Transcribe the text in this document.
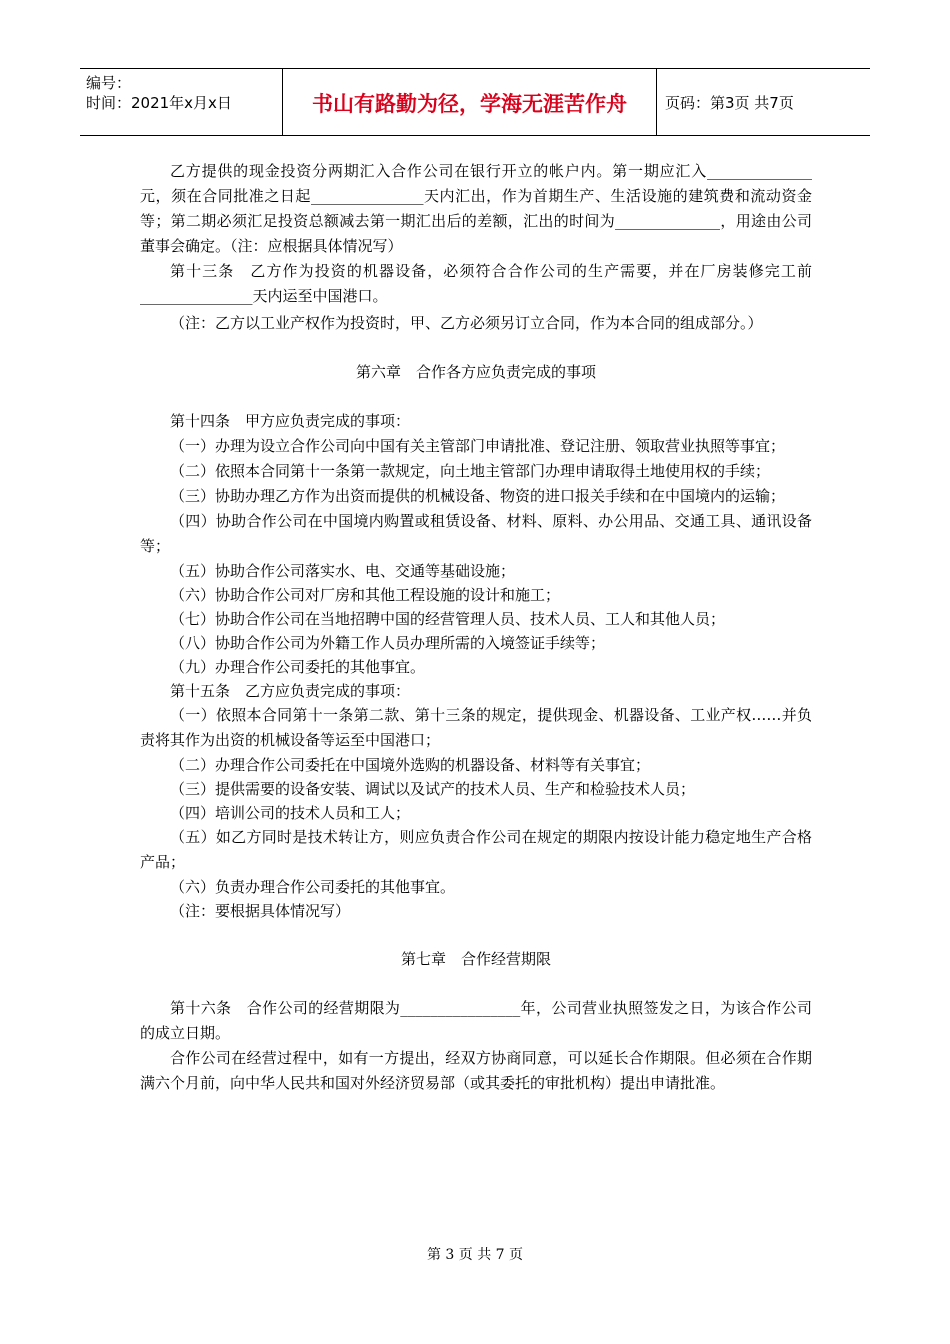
编号：
时间：2021年x月x日	书山有路勤为径，学海无涯苦作舟	页码：第3页 共7页

乙方提供的现金投资分两期汇入合作公司在银行开立的帐户内。第一期应汇入______________元，须在合同批准之日起_______________天内汇出，作为首期生产、生活设施的建筑费和流动资金等；第二期必须汇足投资总额减去第一期汇出后的差额，汇出的时间为______________，用途由公司董事会确定。（注：应根据具体情况写）

第十三条　乙方作为投资的机器设备，必须符合合作公司的生产需要，并在厂房装修完工前_______________天内运至中国港口。

（注：乙方以工业产权作为投资时，甲、乙方必须另订立合同，作为本合同的组成部分。）

第六章　合作各方应负责完成的事项

第十四条　甲方应负责完成的事项：

（一）办理为设立合作公司向中国有关主管部门申请批准、登记注册、领取营业执照等事宜；

（二）依照本合同第十一条第一款规定，向土地主管部门办理申请取得土地使用权的手续；

（三）协助办理乙方作为出资而提供的机械设备、物资的进口报关手续和在中国境内的运输；

（四）协助合作公司在中国境内购置或租赁设备、材料、原料、办公用品、交通工具、通讯设备等；

（五）协助合作公司落实水、电、交通等基础设施；

（六）协助合作公司对厂房和其他工程设施的设计和施工；

（七）协助合作公司在当地招聘中国的经营管理人员、技术人员、工人和其他人员；

（八）协助合作公司为外籍工作人员办理所需的入境签证手续等；

（九）办理合作公司委托的其他事宜。

第十五条　乙方应负责完成的事项：

（一）依照本合同第十一条第二款、第十三条的规定，提供现金、机器设备、工业产权……并负责将其作为出资的机械设备等运至中国港口；

（二）办理合作公司委托在中国境外选购的机器设备、材料等有关事宜；

（三）提供需要的设备安装、调试以及试产的技术人员、生产和检验技术人员；

（四）培训公司的技术人员和工人；

（五）如乙方同时是技术转让方，则应负责合作公司在规定的期限内按设计能力稳定地生产合格产品；

（六）负责办理合作公司委托的其他事宜。

（注：要根据具体情况写）

第七章　合作经营期限

第十六条　合作公司的经营期限为________________年，公司营业执照签发之日，为该合作公司的成立日期。

合作公司在经营过程中，如有一方提出，经双方协商同意，可以延长合作期限。但必须在合作期满六个月前，向中华人民共和国对外经济贸易部（或其委托的审批机构）提出申请批准。

第 3 页 共 7 页
